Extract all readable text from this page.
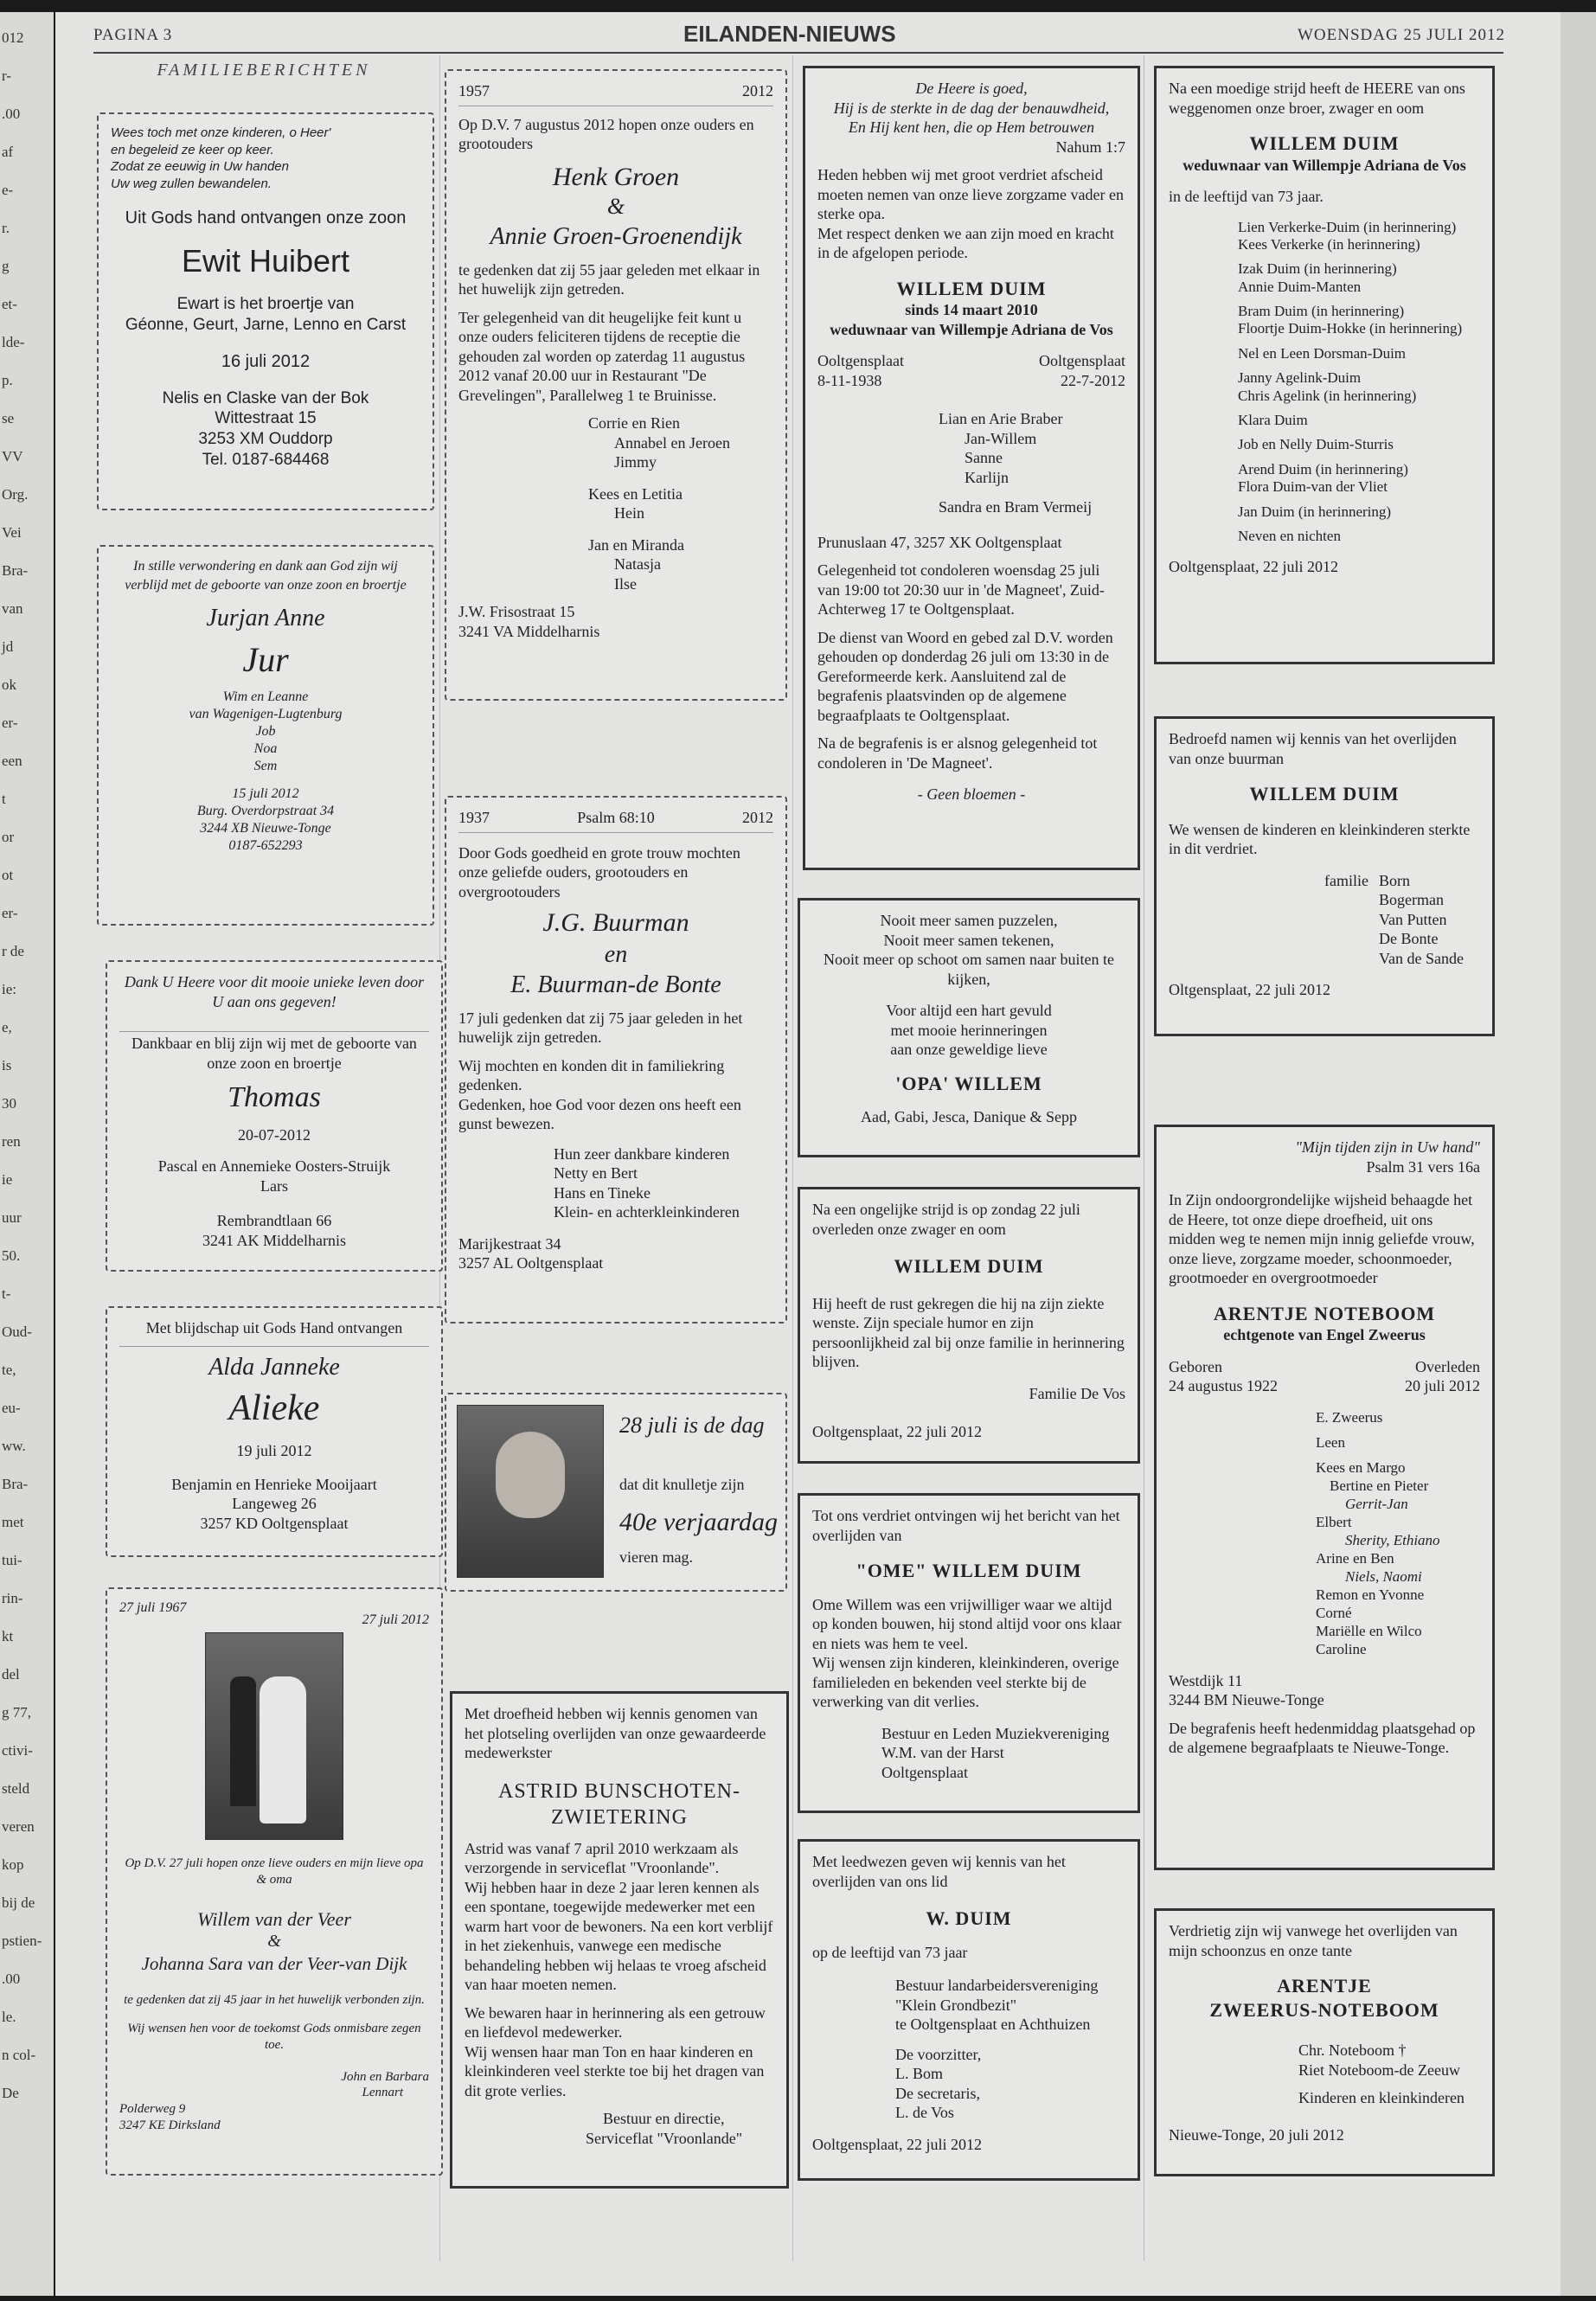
012
r-
.00
af
e-
r.
g
et-
lde-
p.
se
VV
Org.
Vei
Bra-
van
jd
ok
er-
een
t
or
ot
er-
r de
ie:
e,
is
30
ren
ie
uur
50.
t-
Oud-
te,
eu-
ww.
Bra-
met
tui-
rin-
kt
del
g 77,
ctivi-
steld
veren
kop
bij de
pstien-
.00
le.
n col-
De
PAGINA 3	EILANDEN-NIEUWS	WOENSDAG 25 JULI 2012
FAMILIEBERICHTEN
Wees toch met onze kinderen, o Heer'
en begeleid ze keer op keer.
Zodat ze eeuwig in Uw handen
Uw weg zullen bewandelen.
Uit Gods hand ontvangen onze zoon
Ewit Huibert
Ewart is het broertje van
Géonne, Geurt, Jarne, Lenno en Carst
16 juli 2012
Nelis en Claske van der Bok
Wittestraat 15
3253 XM Ouddorp
Tel. 0187-684468
In stille verwondering en dank aan God zijn wij verblijd met de geboorte van onze zoon en broertje
Jurjan Anne
Jur
Wim en Leanne
van Wagenigen-Lugtenburg
Job
Noa
Sem
15 juli 2012
Burg. Overdorpstraat 34
3244 XB Nieuwe-Tonge
0187-652293
Dank U Heere voor dit mooie unieke leven door U aan ons gegeven!
Dankbaar en blij zijn wij met de geboorte van onze zoon en broertje
Thomas
20-07-2012
Pascal en Annemieke Oosters-Struijk
Lars
Rembrandtlaan 66
3241 AK Middelharnis
Met blijdschap uit Gods Hand ontvangen
Alda Janneke
Alieke
19 juli 2012
Benjamin en Henrieke Mooijaart
Langeweg 26
3257 KD Ooltgensplaat
27 juli 1967
27 juli 2012
Op D.V. 27 juli hopen onze lieve ouders en mijn lieve opa & oma
Willem van der Veer
&
Johanna Sara van der Veer-van Dijk
te gedenken dat zij 45 jaar in het huwelijk verbonden zijn.
Wij wensen hen voor de toekomst Gods onmisbare zegen toe.
John en Barbara
Lennart
Polderweg 9
3247 KE Dirksland
1957	2012
Op D.V. 7 augustus 2012 hopen onze ouders en grootouders
Henk Groen
&
Annie Groen-Groenendijk
te gedenken dat zij 55 jaar geleden met elkaar in het huwelijk zijn getreden.
Ter gelegenheid van dit heugelijke feit kunt u onze ouders feliciteren tijdens de receptie die gehouden zal worden op zaterdag 11 augustus 2012 vanaf 20.00 uur in Restaurant "De Grevelingen", Parallelweg 1 te Bruinisse.
Corrie en Rien
Annabel en Jeroen
Jimmy
Kees en Letitia
Hein
Jan en Miranda
Natasja
Ilse
J.W. Frisostraat 15
3241 VA Middelharnis
1937	Psalm 68:10	2012
Door Gods goedheid en grote trouw mochten onze geliefde ouders, grootouders en overgrootouders
J.G. Buurman
en
E. Buurman-de Bonte
17 juli gedenken dat zij 75 jaar geleden in het huwelijk zijn getreden.
Wij mochten en konden dit in familiekring gedenken.
Gedenken, hoe God voor dezen ons heeft een gunst bewezen.
Hun zeer dankbare kinderen
Netty en Bert
Hans en Tineke
Klein- en achterkleinkinderen
Marijkestraat 34
3257 AL Ooltgensplaat
28 juli is de dag
dat dit knulletje zijn
40e verjaardag
vieren mag.
Met droefheid hebben wij kennis genomen van het plotseling overlijden van onze gewaardeerde medewerkster
ASTRID BUNSCHOTEN-ZWIETERING
Astrid was vanaf 7 april 2010 werkzaam als verzorgende in serviceflat "Vroonlande".
Wij hebben haar in deze 2 jaar leren kennen als een spontane, toegewijde medewerker met een warm hart voor de bewoners. Na een kort verblijf in het ziekenhuis, vanwege een medische behandeling hebben wij helaas te vroeg afscheid van haar moeten nemen.
We bewaren haar in herinnering als een getrouw en liefdevol medewerker.
Wij wensen haar man Ton en haar kinderen en kleinkinderen veel sterkte toe bij het dragen van dit grote verlies.
Bestuur en directie,
Serviceflat "Vroonlande"
De Heere is goed,
Hij is de sterkte in de dag der benauwdheid,
En Hij kent hen, die op Hem betrouwen
Nahum 1:7
Heden hebben wij met groot verdriet afscheid moeten nemen van onze lieve zorgzame vader en sterke opa.
Met respect denken we aan zijn moed en kracht in de afgelopen periode.
WILLEM DUIM
sinds 14 maart 2010
weduwnaar van Willempje Adriana de Vos
Ooltgensplaat	Ooltgensplaat
8-11-1938	22-7-2012
Lian en Arie Braber
Jan-Willem
Sanne
Karlijn
Sandra en Bram Vermeij
Prunuslaan 47, 3257 XK Ooltgensplaat
Gelegenheid tot condoleren woensdag 25 juli van 19:00 tot 20:30 uur in 'de Magneet', Zuid-Achterweg 17 te Ooltgensplaat.
De dienst van Woord en gebed zal D.V. worden gehouden op donderdag 26 juli om 13:30 in de Gereformeerde kerk. Aansluitend zal de begrafenis plaatsvinden op de algemene begraafplaats te Ooltgensplaat.
Na de begrafenis is er alsnog gelegenheid tot condoleren in 'De Magneet'.
- Geen bloemen -
Nooit meer samen puzzelen,
Nooit meer samen tekenen,
Nooit meer op schoot om samen naar buiten te kijken,
Voor altijd een hart gevuld
met mooie herinneringen
aan onze geweldige lieve
'OPA' WILLEM
Aad, Gabi, Jesca, Danique & Sepp
Na een ongelijke strijd is op zondag 22 juli overleden onze zwager en oom
WILLEM DUIM
Hij heeft de rust gekregen die hij na zijn ziekte wenste. Zijn speciale humor en zijn persoonlijkheid zal bij onze familie in herinnering blijven.
Familie De Vos
Ooltgensplaat, 22 juli 2012
Tot ons verdriet ontvingen wij het bericht van het overlijden van
"OME" WILLEM DUIM
Ome Willem was een vrijwilliger waar we altijd op konden bouwen, hij stond altijd voor ons klaar en niets was hem te veel.
Wij wensen zijn kinderen, kleinkinderen, overige familieleden en bekenden veel sterkte bij de verwerking van dit verlies.
Bestuur en Leden Muziekvereniging
W.M. van der Harst
Ooltgensplaat
Met leedwezen geven wij kennis van het overlijden van ons lid
W. DUIM
op de leeftijd van 73 jaar
Bestuur landarbeidersvereniging
"Klein Grondbezit"
te Ooltgensplaat en Achthuizen
De voorzitter,
L. Bom
De secretaris,
L. de Vos
Ooltgensplaat, 22 juli 2012
Na een moedige strijd heeft de HEERE van ons weggenomen onze broer, zwager en oom
WILLEM DUIM
weduwnaar van Willempje Adriana de Vos
in de leeftijd van 73 jaar.
Lien Verkerke-Duim (in herinnering)
Kees Verkerke (in herinnering)
Izak Duim (in herinnering)
Annie Duim-Manten
Bram Duim (in herinnering)
Floortje Duim-Hokke (in herinnering)
Nel en Leen Dorsman-Duim
Janny Agelink-Duim
Chris Agelink (in herinnering)
Klara Duim
Job en Nelly Duim-Sturris
Arend Duim (in herinnering)
Flora Duim-van der Vliet
Jan Duim (in herinnering)
Neven en nichten
Ooltgensplaat, 22 juli 2012
Bedroefd namen wij kennis van het overlijden van onze buurman
WILLEM DUIM
We wensen de kinderen en kleinkinderen sterkte in dit verdriet.
familie Born
Bogerman
Van Putten
De Bonte
Van de Sande
Oltgensplaat, 22 juli 2012
"Mijn tijden zijn in Uw hand"
Psalm 31 vers 16a
In Zijn ondoorgrondelijke wijsheid behaagde het de Heere, tot onze diepe droefheid, uit ons midden weg te nemen mijn innig geliefde vrouw, onze lieve, zorgzame moeder, schoonmoeder, grootmoeder en overgrootmoeder
ARENTJE NOTEBOOM
echtgenote van Engel Zweerus
Geboren	Overleden
24 augustus 1922	20 juli 2012
E. Zweerus
Leen
Kees en Margo
Bertine en Pieter
Gerrit-Jan
Elbert
Sherity, Ethiano
Arine en Ben
Niels, Naomi
Remon en Yvonne
Corné
Mariëlle en Wilco
Caroline
Westdijk 11
3244 BM Nieuwe-Tonge
De begrafenis heeft hedenmiddag plaatsgehad op de algemene begraafplaats te Nieuwe-Tonge.
Verdrietig zijn wij vanwege het overlijden van mijn schoonzus en onze tante
ARENTJE
ZWEERUS-NOTEBOOM
Chr. Noteboom †
Riet Noteboom-de Zeeuw
Kinderen en kleinkinderen
Nieuwe-Tonge, 20 juli 2012
